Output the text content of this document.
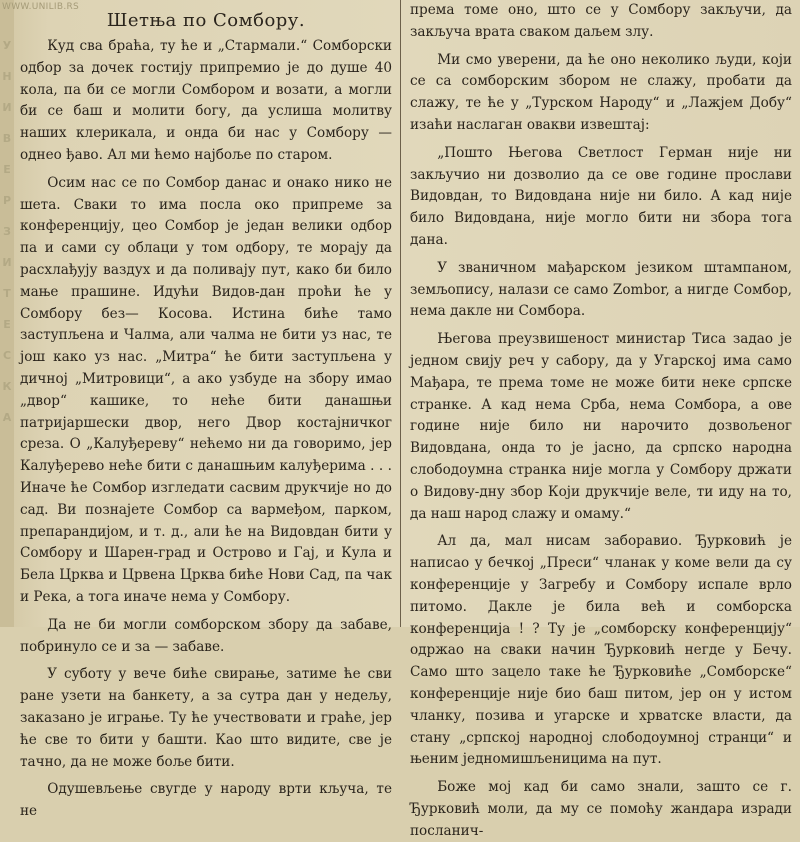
WWW.UNILIB.RS
У
Н
И
В
Е
Р
З
И
Т
Е
С
К
А
Шетња по Сомбору.

Куд сва браћа, ту ће и „Стармали.“ Сомборски одбор за дочек гостију припремио је до душе 40 кола, па би се могли Сомбором и возати, а могли би се баш и молити богу, да услиша молитву наших клерикала, и онда би нас у Сомбору — однео ђаво. Ал ми ћемо најбоље по старом.

Осим нас се по Сомбор данас и онако нико не шета. Свaки то има посла око припреме за конференцију, цео Сомбор је један велики одбор па и сами су облаци у том одбору, те морају да расхлађују ваздух и да поливају пут, како би било мање прашине. Идући Видов-дан проћи ће у Сомбору без— Косова. Истина биће тамо заступљена и Чалма, али чалма не бити уз нас, те још како уз нас. „Митра“ ће бити заступљена у дичној „Митровици“, а ако узбуде на збору имао „двор“ кашике, то неће бити данашњи патријаршески двор, него Двор костајничког среза. О „Калуђереву“ нећемо ни да говоримо, јер Калуђерево неће бити с данашњим калуђерима . . . Иначе ће Сомбор изгледати сасвим друкчије но до сад. Ви познајете Сомбор са вармеђом, парком, препарандијом, и т. д., али ће на Видовдан бити у Сомбору и Шарен-град и Острово и Гај, и Кула и Бела Црква и Црвена Црква биће Нови Сад, па чак и Река, а тога иначе нема у Сомбору.

Да не би могли сомборском збору да забаве, побринуло се и за — забаве.

У суботу у вече биће свирање, затиме ће сви ране узети на банкету, а за сутра дан у недељу, заказано је играње. Ту ће учествовати и граће, јер ће све то бити у башти. Као што видите, све је тачно, да не може боље бити.

Одушевљење свугде у народу врти кључа, те не

према томе оно, што се у Сомбору закључи, да закључа врата сваком даљем злу.

Ми смо уверени, да ће оно неколико људи, који се са сомборским збором не слажу, пробати да слажу, те ће у „Турском Народу“ и „Лажјем Добу“ изаћи наслаган овакви извештај:

„Пошто Његова Светлост Герман није ни закључио ни дозволио да се ове године прослави Видовдан, то Видовдана није ни било. А кад није било Видовдана, није могло бити ни збора тога дана.

У званичном мађарском језиком штампаном, земљопису, налази се само Zombor, а нигде Сомбор, нема дакле ни Сомбора.

Његова преузвишеност министар Тиса задао је једном свију реч у сабору, да у Угарској има само Мађара, те према томе не може бити неке српске странке. А кад нема Срба, нема Сомбора, а ове године није било ни нарочито дозвољеног Видовдана, онда то је јасно, да српско народна слободоумна странка није могла у Сомбору држати о Видову-дну збор Који друкчије веле, ти иду на то, да наш народ слажу и омаму.“

Ал да, мал нисам заборавио. Ђурковић је написао у бечкој „Преси“ чланак у коме вели да су конференције у Загребу и Сомбору испале врло питомо. Дакле је била већ и сомборска конференција ! ? Ту је „сомборску конференцију“ одржао на сваки начин Ђурковић негде у Бечу. Само што зацело таке ће Ђурковиће „Сомборске“ конференције није био баш питом, јер он у истом чланку, позива и угарске и хрватске власти, да стану „српској народној слободоумној странци“ и њеним једномишљеницима на пут.

Боже мој кад би само знали, зашто се г. Ђурковић моли, да му се помоћу жандара изради посланич-
